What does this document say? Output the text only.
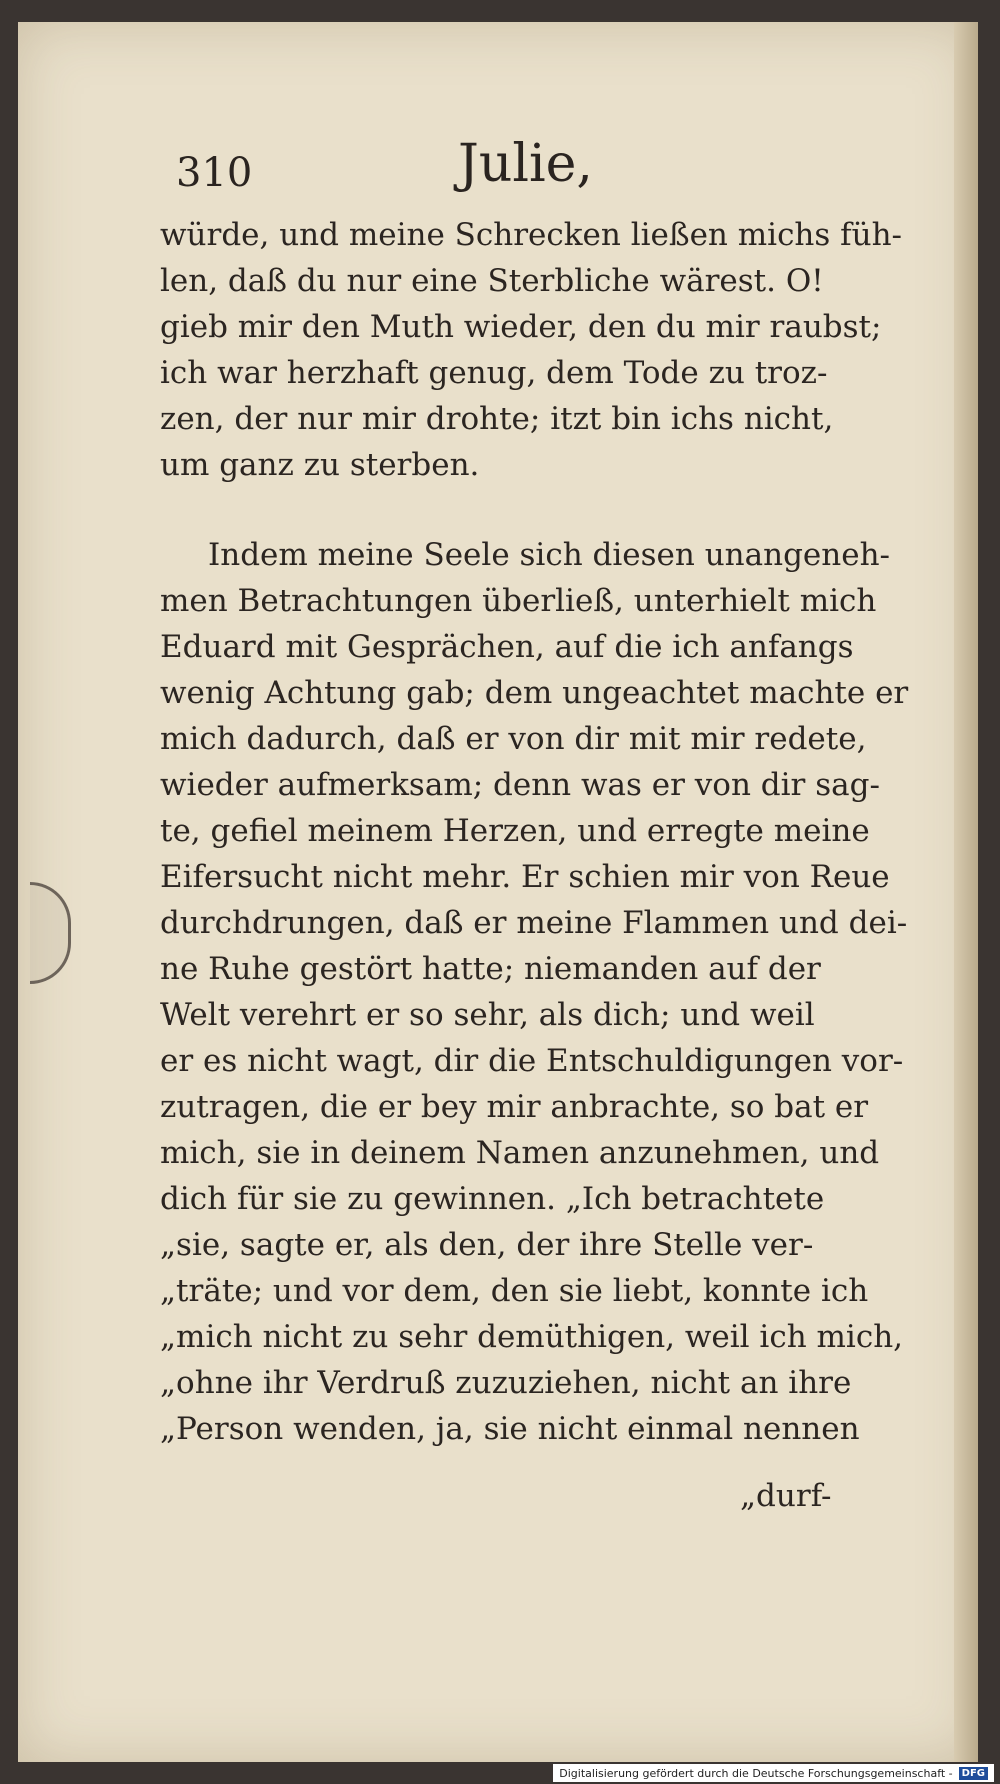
310	Julie,
würde, und meine Schrecken ließen michs füh-
len, daß du nur eine Sterbliche wärest. O!
gieb mir den Muth wieder, den du mir raubst;
ich war herzhaft genug, dem Tode zu troz-
zen, der nur mir drohte; itzt bin ichs nicht,
um ganz zu sterben.
Indem meine Seele sich diesen unangeneh-
men Betrachtungen überließ, unterhielt mich
Eduard mit Gesprächen, auf die ich anfangs
wenig Achtung gab; dem ungeachtet machte er
mich dadurch, daß er von dir mit mir redete,
wieder aufmerksam; denn was er von dir sag-
te, gefiel meinem Herzen, und erregte meine
Eifersucht nicht mehr. Er schien mir von Reue
durchdrungen, daß er meine Flammen und dei-
ne Ruhe gestört hatte; niemanden auf der
Welt verehrt er so sehr, als dich; und weil
er es nicht wagt, dir die Entschuldigungen vor-
zutragen, die er bey mir anbrachte, so bat er
mich, sie in deinem Namen anzunehmen, und
dich für sie zu gewinnen. „Ich betrachtete
„sie, sagte er, als den, der ihre Stelle ver-
„träte; und vor dem, den sie liebt, konnte ich
„mich nicht zu sehr demüthigen, weil ich mich,
„ohne ihr Verdruß zuzuziehen, nicht an ihre
„Person wenden, ja, sie nicht einmal nennen
„durf-
Digitalisierung gefördert durch die Deutsche Forschungsgemeinschaft - DFG
